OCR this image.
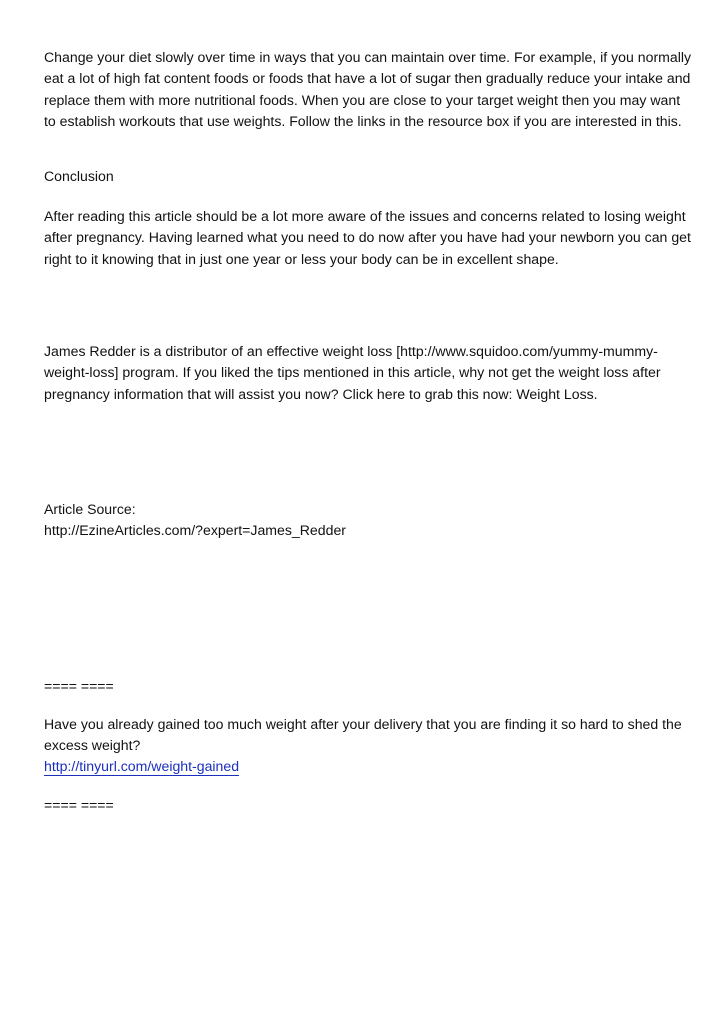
Change your diet slowly over time in ways that you can maintain over time. For example, if you normally eat a lot of high fat content foods or foods that have a lot of sugar then gradually reduce your intake and replace them with more nutritional foods. When you are close to your target weight then you may want to establish workouts that use weights. Follow the links in the resource box if you are interested in this.

Conclusion

After reading this article should be a lot more aware of the issues and concerns related to losing weight after pregnancy. Having learned what you need to do now after you have had your newborn you can get right to it knowing that in just one year or less your body can be in excellent shape.

James Redder is a distributor of an effective weight loss [http://www.squidoo.com/yummy-mummy-weight-loss] program. If you liked the tips mentioned in this article, why not get the weight loss after pregnancy information that will assist you now? Click here to grab this now: Weight Loss.

Article Source:

http://EzineArticles.com/?expert=James_Redder

==== ====

Have you already gained too much weight after your delivery that you are finding it so hard to shed the excess weight?

http://tinyurl.com/weight-gained

==== ====
